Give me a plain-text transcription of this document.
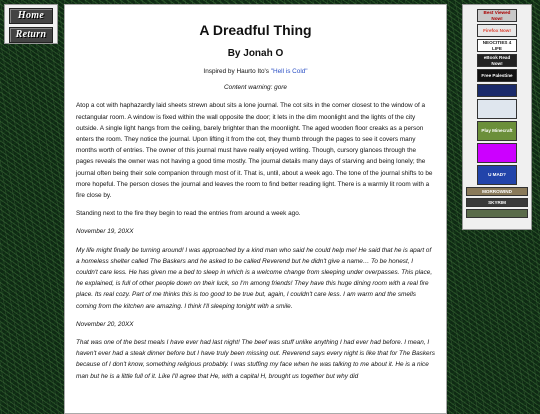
Home
Return	A Dreadful Thing
By Jonah O
Inspired by Haurto Ito's "Hell is Cold"
Content warning: gore

Atop a cot with haphazardly laid sheets strewn about sits a lone journal. The cot sits in the corner closest to the window of a rectangular room. A window is fixed within the wall opposite the door; it lets in the dim moonlight and the lights of the city outside. A single light hangs from the ceiling, barely brighter than the moonlight. The aged wooden floor creaks as a person enters the room. They notice the journal. Upon lifting it from the cot, they thumb through the pages to see it covers many months worth of entries. The owner of this journal must have really enjoyed writing. Though, cursory glances through the pages reveals the owner was not having a good time mostly. The journal details many days of starving and being lonely; the journal often being their sole companion through most of it. That is, until, about a week ago. The tone of the journal shifts to be more hopeful. The person closes the journal and leaves the room to find better reading light. There is a warmly lit room with a fire close by.

Standing next to the fire they begin to read the entries from around a week ago.

November 19, 20XX

My life might finally be turning around! I was approached by a kind man who said he could help me! He said that he is apart of a homeless shelter called The Baskers and he asked to be called Reverend but he didn't give a name… To be honest, I couldn't care less. He has given me a bed to sleep in which is a welcome change from sleeping under overpasses. This place, he explained, is full of other people down on their luck, so I'm among friends! They have this huge dining room with a real fire place. Its real cozy. Part of me thinks this is too good to be true but, again, I couldn't care less. I am warm and the smells coming from the kitchen are amazing. I think I'll sleeping tonight with a smile.

November 20, 20XX

That was one of the best meals I have ever had last night! The beef was stuff unlike anything I had ever had before. I mean, I haven't ever had a steak dinner before but I have truly been missing out. Reverend says every night is like that for The Baskers because of I don't know, something religious probably. I was stuffing my face when he was talking to me about it. He is a nice man but he is a little full of it. Like I'll agree that He, with a capital H, brought us together but why did

Best Viewed Now!
Firefox Now!
NEOCITIES 4 LIFE
eBook Read Now!
Free Palestine
Play Minecraft
U MAD?
MORROWIND
SKYRIM
